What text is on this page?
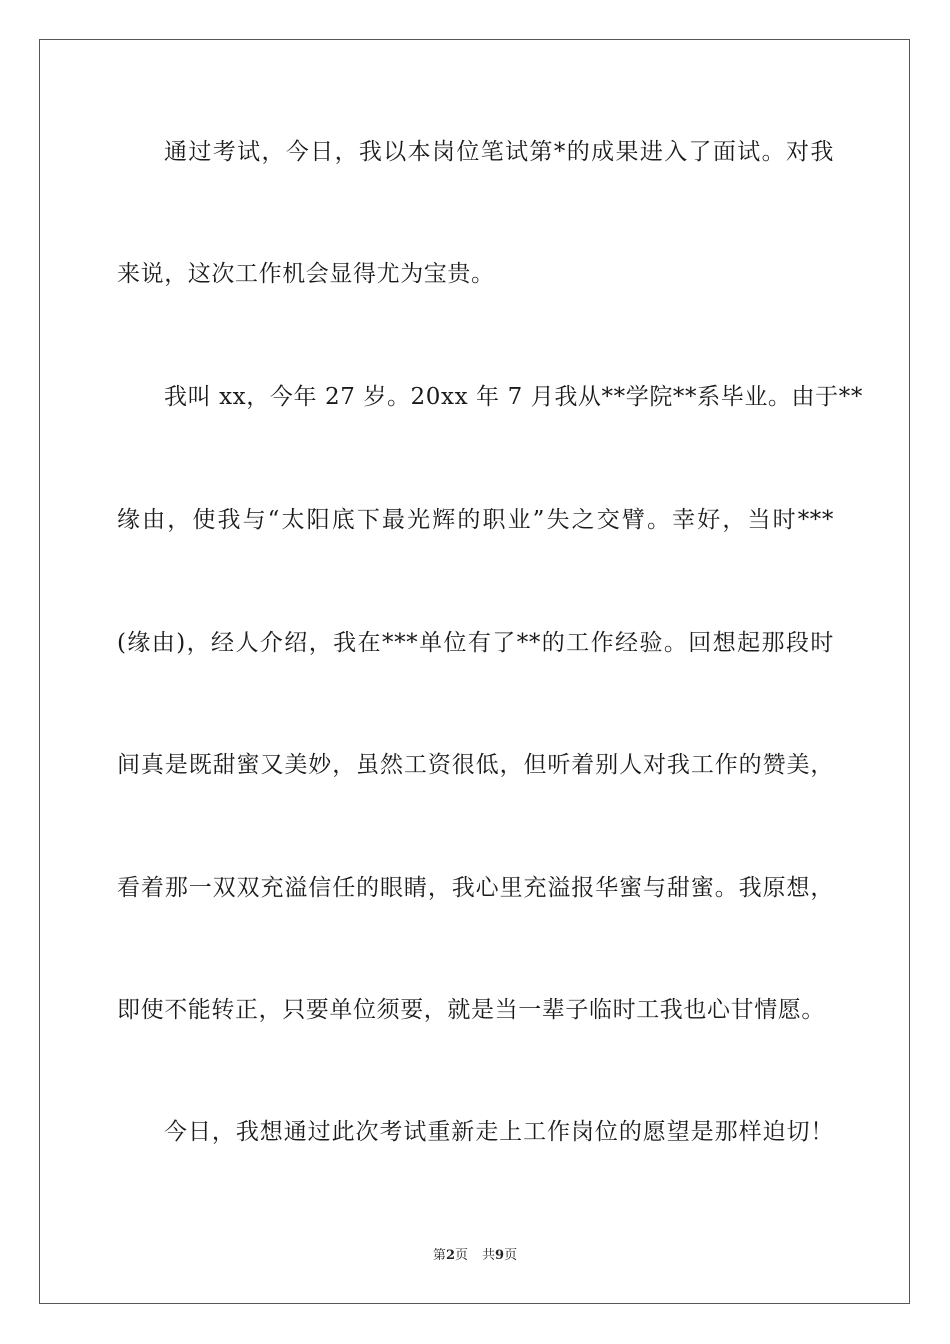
通过考试，今日，我以本岗位笔试第*的成果进入了面试。对我
来说，这次工作机会显得尤为宝贵。
我叫 xx，今年 27 岁。20xx 年 7 月我从**学院**系毕业。由于**
缘由，使我与“太阳底下最光辉的职业”失之交臂。幸好，当时***
(缘由)，经人介绍，我在***单位有了**的工作经验。回想起那段时
间真是既甜蜜又美妙，虽然工资很低，但听着别人对我工作的赞美，
看着那一双双充溢信任的眼睛，我心里充溢报华蜜与甜蜜。我原想，
即使不能转正，只要单位须要，就是当一辈子临时工我也心甘情愿。
今日，我想通过此次考试重新走上工作岗位的愿望是那样迫切！
第2页 共9页
